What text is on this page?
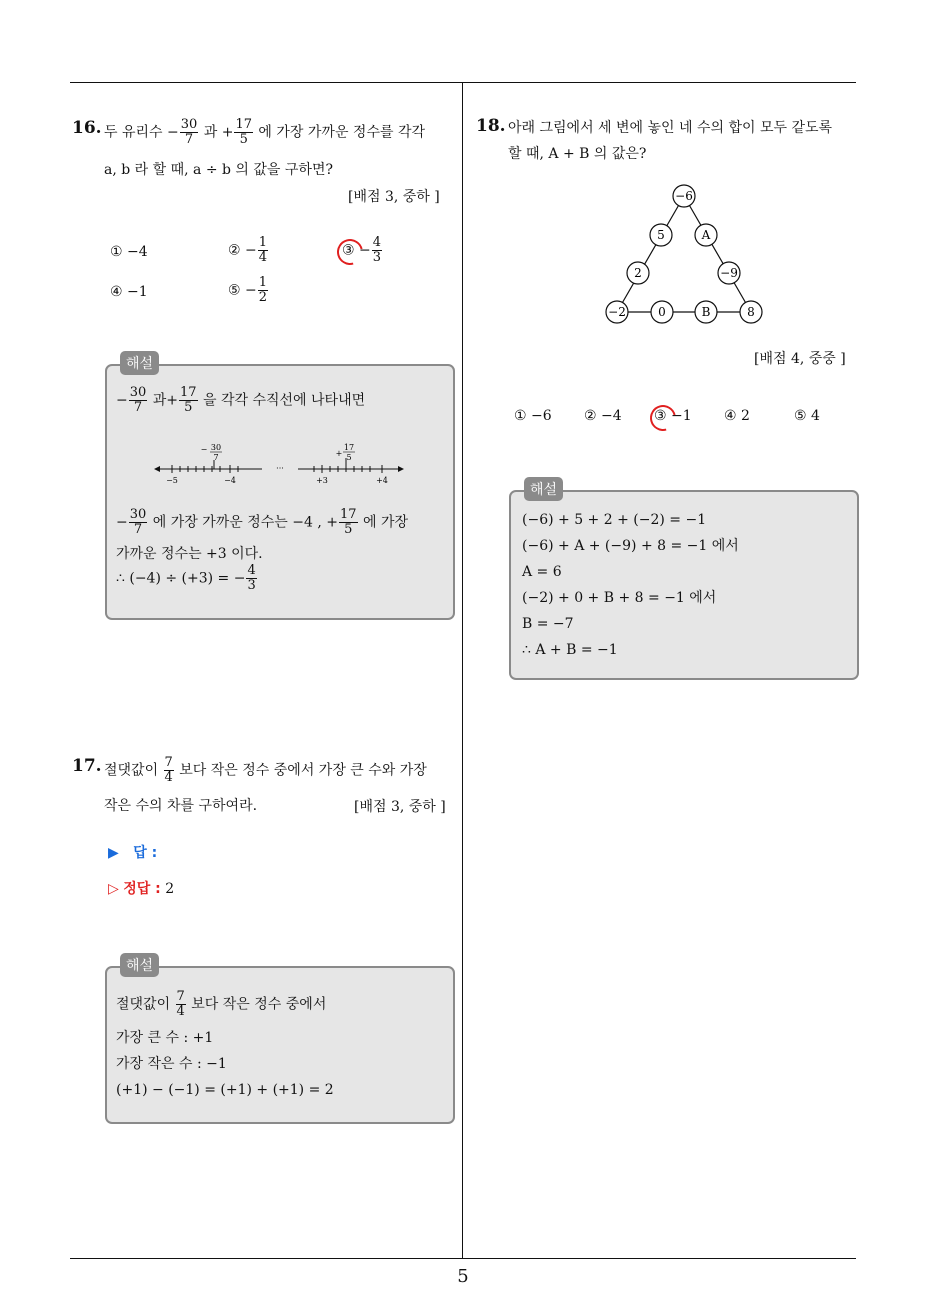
5
16. 두 유리수 − $\frac{30}{7}$ 과 + $\frac{17}{5}$ 에 가장 가까운 정수를 각각
a, b 라 할 때, a ÷ b 의 값을 구하면?
[배점 3, 중하 ]
① −4	② − $\frac{1}{4}$	③ − $\frac{4}{3}$
④ −1	⑤ − $\frac{1}{2}$
해설
− $\frac{30}{7}$ 과+ $\frac{17}{5}$ 을 각각 수직선에 나타내면
− 30
7
−5	−4
···
+
17
5
+3	+4
− $\frac{30}{7}$ 에 가장 가까운 정수는 −4 , + $\frac{17}{5}$ 에 가장
가까운 정수는 +3 이다.
∴ (−4) ÷ (+3) = − $\frac{4}{3}$
17. 절댓값이 $\frac{7}{4}$ 보다 작은 정수 중에서 가장 큰 수와 가장
작은 수의 차를 구하여라.	[배점 3, 중하 ]
▶ 답 :
▷ 정답 : 2
해설
절댓값이 $\frac{7}{4}$ 보다 작은 정수 중에서
가장 큰 수 : +1
가장 작은 수 : −1
(+1) − (−1) = (+1) + (+1) = 2
18. 아래 그림에서 세 변에 놓인 네 수의 합이 모두 같도록
할 때, A + B 의 값은?
−6
5	A
2	−9
−2	0	B	8
[배점 4, 중중 ]
① −6 ② −4 ③ −1 ④ 2	⑤ 4
해설
(−6) + 5 + 2 + (−2) = −1
(−6) + A + (−9) + 8 = −1 에서
A = 6
(−2) + 0 + B + 8 = −1 에서
B = −7
∴ A + B = −1
